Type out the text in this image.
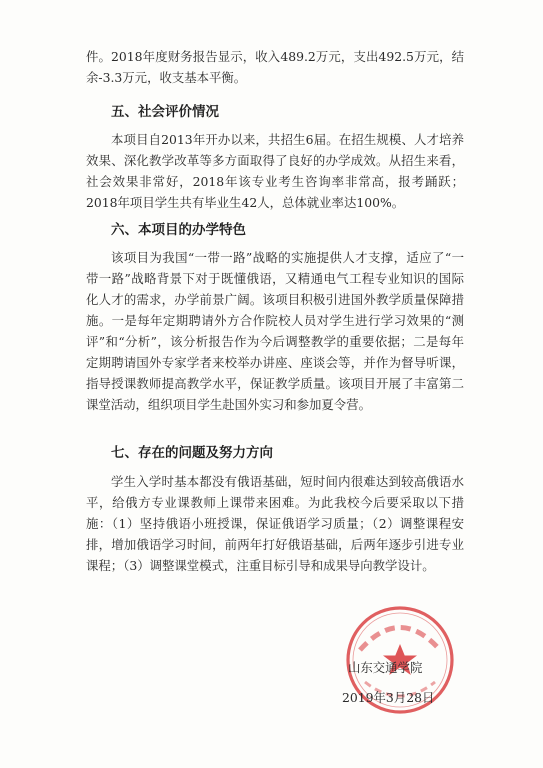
件。2018年度财务报告显示，收入489.2万元，支出492.5万元，结余-3.3万元，收支基本平衡。

五、社会评价情况

本项目自2013年开办以来，共招生6届。在招生规模、人才培养效果、深化教学改革等多方面取得了良好的办学成效。从招生来看，社会效果非常好，2018年该专业考生咨询率非常高，报考踊跃；2018年项目学生共有毕业生42人，总体就业率达100%。

六、本项目的办学特色

该项目为我国“一带一路”战略的实施提供人才支撑，适应了“一带一路”战略背景下对于既懂俄语，又精通电气工程专业知识的国际化人才的需求，办学前景广阔。该项目积极引进国外教学质量保障措施。一是每年定期聘请外方合作院校人员对学生进行学习效果的“测评”和“分析”，该分析报告作为今后调整教学的重要依据；二是每年定期聘请国外专家学者来校举办讲座、座谈会等，并作为督导听课，指导授课教师提高教学水平，保证教学质量。该项目开展了丰富第二课堂活动，组织项目学生赴国外实习和参加夏令营。

七、存在的问题及努力方向

学生入学时基本都没有俄语基础，短时间内很难达到较高俄语水平，给俄方专业课教师上课带来困难。为此我校今后要采取以下措施：（1）坚持俄语小班授课，保证俄语学习质量；（2）调整课程安排，增加俄语学习时间，前两年打好俄语基础，后两年逐步引进专业课程；（3）调整课堂模式，注重目标引导和成果导向教学设计。

山东交通学院
2019年3月28日
